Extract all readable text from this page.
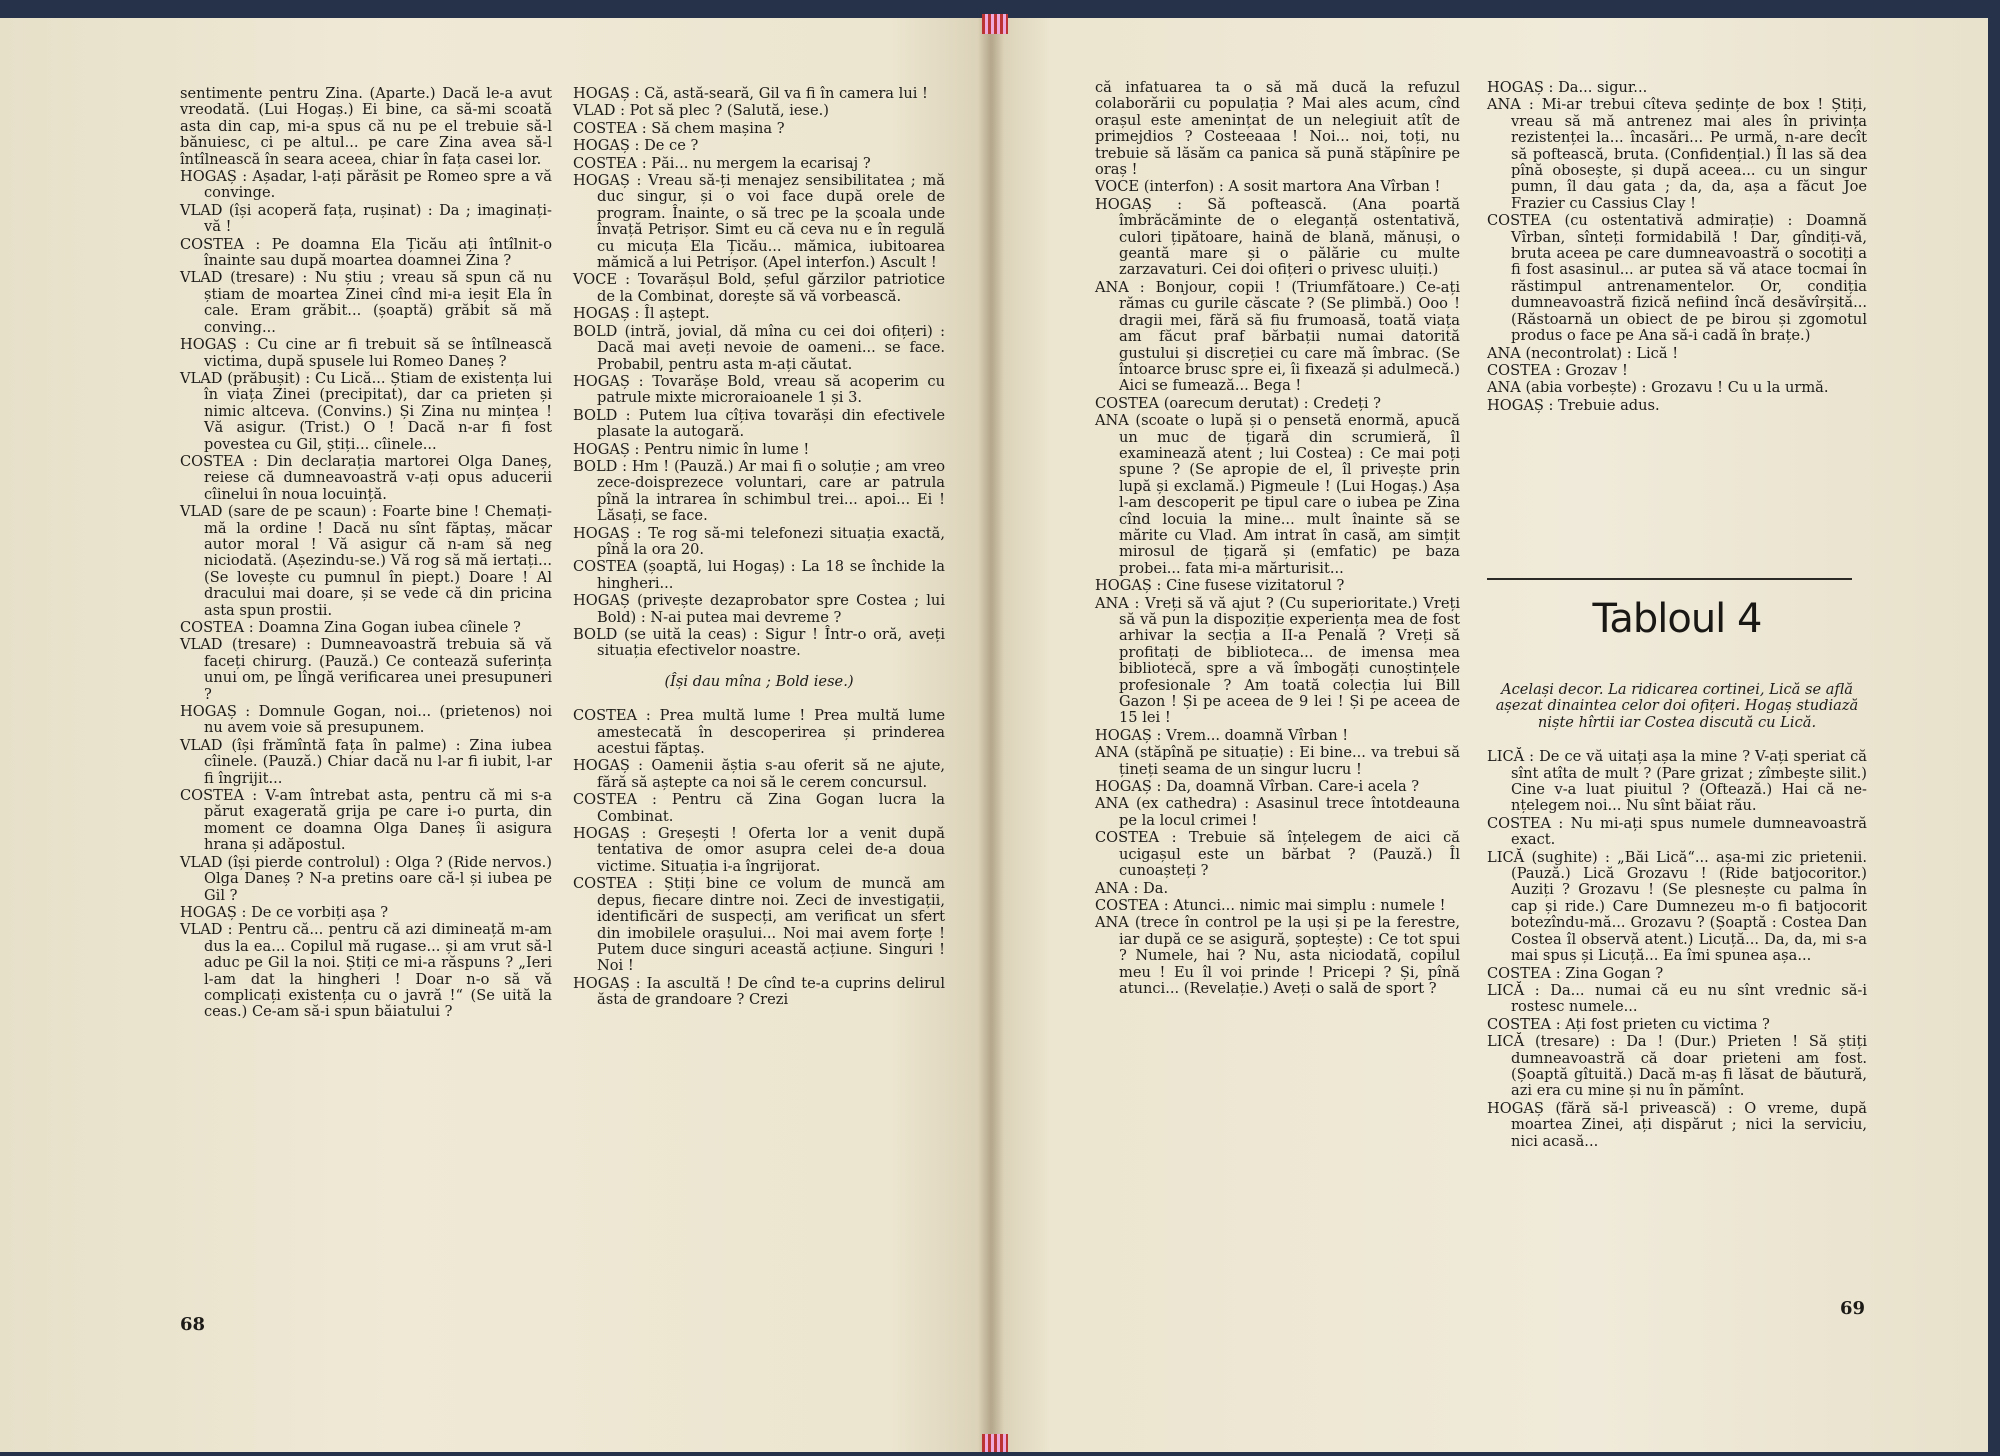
sentimente pentru Zina. (Aparte.) Dacă le-a avut vreodată. (Lui Hogaș.) Ei bine, ca să-mi scoată asta din cap, mi-a spus că nu pe el trebuie să-l bănuiesc, ci pe altul... pe care Zina avea să-l întîlnească în seara aceea, chiar în fața casei lor.
HOGAȘ : Așadar, l-ați părăsit pe Romeo spre a vă convinge.
VLAD (își acoperă fața, rușinat) : Da ; imaginați-vă !
COSTEA : Pe doamna Ela Țicău ați întîlnit-o înainte sau după moartea doamnei Zina ?
VLAD (tresare) : Nu știu ; vreau să spun că nu știam de moartea Zinei cînd mi-a ieșit Ela în cale. Eram grăbit... (șoaptă) grăbit să mă conving...
HOGAȘ : Cu cine ar fi trebuit să se întîlnească victima, după spusele lui Romeo Daneș ?
VLAD (prăbușit) : Cu Lică... Știam de existența lui în viața Zinei (precipitat), dar ca prieten și nimic altceva. (Convins.) Și Zina nu mințea ! Vă asigur. (Trist.) O ! Dacă n-ar fi fost povestea cu Gil, știți... cîinele...
COSTEA : Din declarația martorei Olga Daneș, reiese că dumneavoastră v-ați opus aducerii cîinelui în noua locuință.
VLAD (sare de pe scaun) : Foarte bine ! Chemați-mă la ordine ! Dacă nu sînt făptaș, măcar autor moral ! Vă asigur că n-am să neg niciodată. (Așezindu-se.) Vă rog să mă iertați... (Se lovește cu pumnul în piept.) Doare ! Al dracului mai doare, și se vede că din pricina asta spun prostii.
COSTEA : Doamna Zina Gogan iubea cîinele ?
VLAD (tresare) : Dumneavoastră trebuia să vă faceți chirurg. (Pauză.) Ce contează suferința unui om, pe lîngă verificarea unei presupuneri ?
HOGAȘ : Domnule Gogan, noi... (prietenos) noi nu avem voie să presupunem.
VLAD (își frămîntă fața în palme) : Zina iubea cîinele. (Pauză.) Chiar dacă nu l-ar fi iubit, l-ar fi îngrijit...
COSTEA : V-am întrebat asta, pentru că mi s-a părut exagerată grija pe care i-o purta, din moment ce doamna Olga Daneș îi asigura hrana și adăpostul.
VLAD (își pierde controlul) : Olga ? (Ride nervos.) Olga Daneș ? N-a pretins oare că-l și iubea pe Gil ?
HOGAȘ : De ce vorbiți așa ?
VLAD : Pentru că... pentru că azi dimineață m-am dus la ea... Copilul mă rugase... și am vrut să-l aduc pe Gil la noi. Știți ce mi-a răspuns ? „Ieri l-am dat la hingheri ! Doar n-o să vă complicați existența cu o javră !“ (Se uită la ceas.) Ce-am să-i spun băiatului ?
HOGAȘ : Că, astă-seară, Gil va fi în camera lui !
VLAD : Pot să plec ? (Salută, iese.)
COSTEA : Să chem mașina ?
HOGAȘ : De ce ?
COSTEA : Păi... nu mergem la ecarisaj ?
HOGAȘ : Vreau să-ți menajez sensibilitatea ; mă duc singur, și o voi face după orele de program. Înainte, o să trec pe la școala unde învață Petrișor. Simt eu că ceva nu e în regulă cu micuța Ela Țicău... mămica, iubitoarea mămică a lui Petrișor. (Apel interfon.) Ascult !
VOCE : Tovarășul Bold, șeful gărzilor patriotice de la Combinat, dorește să vă vorbească.
HOGAȘ : Îl aștept.
BOLD (intră, jovial, dă mîna cu cei doi ofițeri) : Dacă mai aveți nevoie de oameni... se face. Probabil, pentru asta m-ați căutat.
HOGAȘ : Tovarășe Bold, vreau să acoperim cu patrule mixte microraioanele 1 și 3.
BOLD : Putem lua cîțiva tovarăși din efectivele plasate la autogară.
HOGAȘ : Pentru nimic în lume !
BOLD : Hm ! (Pauză.) Ar mai fi o soluție ; am vreo zece-doisprezece voluntari, care ar patrula pînă la intrarea în schimbul trei... apoi... Ei ! Lăsați, se face.
HOGAȘ : Te rog să-mi telefonezi situația exactă, pînă la ora 20.
COSTEA (șoaptă, lui Hogaș) : La 18 se închide la hingheri...
HOGAȘ (privește dezaprobator spre Costea ; lui Bold) : N-ai putea mai devreme ?
BOLD (se uită la ceas) : Sigur ! Într-o oră, aveți situația efectivelor noastre.
(Își dau mîna ; Bold iese.)
COSTEA : Prea multă lume ! Prea multă lume amestecată în descoperirea și prinderea acestui făptaș.
HOGAȘ : Oamenii ăștia s-au oferit să ne ajute, fără să aștepte ca noi să le cerem concursul.
COSTEA : Pentru că Zina Gogan lucra la Combinat.
HOGAȘ : Greșești ! Oferta lor a venit după tentativa de omor asupra celei de-a doua victime. Situația i-a îngrijorat.
COSTEA : Știți bine ce volum de muncă am depus, fiecare dintre noi. Zeci de investigații, identificări de suspecți, am verificat un sfert din imobilele orașului... Noi mai avem forțe ! Putem duce singuri această acțiune. Singuri ! Noi !
HOGAȘ : Ia ascultă ! De cînd te-a cuprins delirul ăsta de grandoare ? Crezi
68
că infatuarea ta o să mă ducă la refuzul colaborării cu populația ? Mai ales acum, cînd orașul este amenințat de un nelegiuit atît de primejdios ? Costeeaaa ! Noi... noi, toți, nu trebuie să lăsăm ca panica să pună stăpînire pe oraș !
VOCE (interfon) : A sosit martora Ana Vîrban !
HOGAȘ : Să poftească. (Ana poartă îmbrăcăminte de o eleganță ostentativă, culori țipătoare, haină de blană, mănuși, o geantă mare și o pălărie cu multe zarzavaturi. Cei doi ofițeri o privesc uluiți.)
ANA : Bonjour, copii ! (Triumfătoare.) Ce-ați rămas cu gurile căscate ? (Se plimbă.) Ooo ! dragii mei, fără să fiu frumoasă, toată viața am făcut praf bărbații numai datorită gustului și discreției cu care mă îmbrac. (Se întoarce brusc spre ei, îi fixează și adulmecă.) Aici se fumează... Bega !
COSTEA (oarecum derutat) : Credeți ?
ANA (scoate o lupă și o pensetă enormă, apucă un muc de țigară din scrumieră, îl examinează atent ; lui Costea) : Ce mai poți spune ? (Se apropie de el, îl privește prin lupă și exclamă.) Pigmeule ! (Lui Hogaș.) Așa l-am descoperit pe tipul care o iubea pe Zina cînd locuia la mine... mult înainte să se mărite cu Vlad. Am intrat în casă, am simțit mirosul de țigară și (emfatic) pe baza probei... fata mi-a mărturisit...
HOGAȘ : Cine fusese vizitatorul ?
ANA : Vreți să vă ajut ? (Cu superioritate.) Vreți să vă pun la dispoziție experiența mea de fost arhivar la secția a II-a Penală ? Vreți să profitați de biblioteca... de imensa mea bibliotecă, spre a vă îmbogăți cunoștințele profesionale ? Am toată colecția lui Bill Gazon ! Și pe aceea de 9 lei ! Și pe aceea de 15 lei !
HOGAȘ : Vrem... doamnă Vîrban !
ANA (stăpînă pe situație) : Ei bine... va trebui să țineți seama de un singur lucru !
HOGAȘ : Da, doamnă Vîrban. Care-i acela ?
ANA (ex cathedra) : Asasinul trece întotdeauna pe la locul crimei !
COSTEA : Trebuie să înțelegem de aici că ucigașul este un bărbat ? (Pauză.) Îl cunoașteți ?
ANA : Da.
COSTEA : Atunci... nimic mai simplu : numele !
ANA (trece în control pe la uși și pe la ferestre, iar după ce se asigură, șoptește) : Ce tot spui ? Numele, hai ? Nu, asta niciodată, copilul meu ! Eu îl voi prinde ! Pricepi ? Și, pînă atunci... (Revelație.) Aveți o sală de sport ?
HOGAȘ : Da... sigur...
ANA : Mi-ar trebui cîteva ședințe de box ! Știți, vreau să mă antrenez mai ales în privința rezistenței la... încasări... Pe urmă, n-are decît să poftească, bruta. (Confidențial.) Îl las să dea pînă obosește, și după aceea... cu un singur pumn, îl dau gata ; da, da, așa a făcut Joe Frazier cu Cassius Clay !
COSTEA (cu ostentativă admirație) : Doamnă Vîrban, sînteți formidabilă ! Dar, gîndiți-vă, bruta aceea pe care dumneavoastră o socotiți a fi fost asasinul... ar putea să vă atace tocmai în răstimpul antrenamentelor. Or, condiția dumneavoastră fizică nefiind încă desăvîrșită... (Răstoarnă un obiect de pe birou și zgomotul produs o face pe Ana să-i cadă în brațe.)
ANA (necontrolat) : Lică !
COSTEA : Grozav !
ANA (abia vorbește) : Grozavu ! Cu u la urmă.
HOGAȘ : Trebuie adus.
Tabloul 4
Același decor. La ridicarea cortinei, Lică se află așezat dinaintea celor doi ofițeri. Hogaș studiază niște hîrtii iar Costea discută cu Lică.
LICĂ : De ce vă uitați așa la mine ? V-ați speriat că sînt atîta de mult ? (Pare grizat ; zîmbește silit.) Cine v-a luat piuitul ? (Oftează.) Hai că ne-nțelegem noi... Nu sînt băiat rău.
COSTEA : Nu mi-ați spus numele dumneavoastră exact.
LICĂ (sughite) : „Băi Lică“... așa-mi zic prietenii. (Pauză.) Lică Grozavu ! (Ride batjocoritor.) Auziți ? Grozavu ! (Se plesnește cu palma în cap și ride.) Care Dumnezeu m-o fi batjocorit botezîndu-mă... Grozavu ? (Șoaptă : Costea Dan Costea îl observă atent.) Licuță... Da, da, mi s-a mai spus și Licuță... Ea îmi spunea așa...
COSTEA : Zina Gogan ?
LICĂ : Da... numai că eu nu sînt vrednic să-i rostesc numele...
COSTEA : Ați fost prieten cu victima ?
LICĂ (tresare) : Da ! (Dur.) Prieten ! Să știți dumneavoastră că doar prieteni am fost. (Șoaptă gîtuită.) Dacă m-aș fi lăsat de băutură, azi era cu mine și nu în pămînt.
HOGAȘ (fără să-l privească) : O vreme, după moartea Zinei, ați dispărut ; nici la serviciu, nici acasă...
69
